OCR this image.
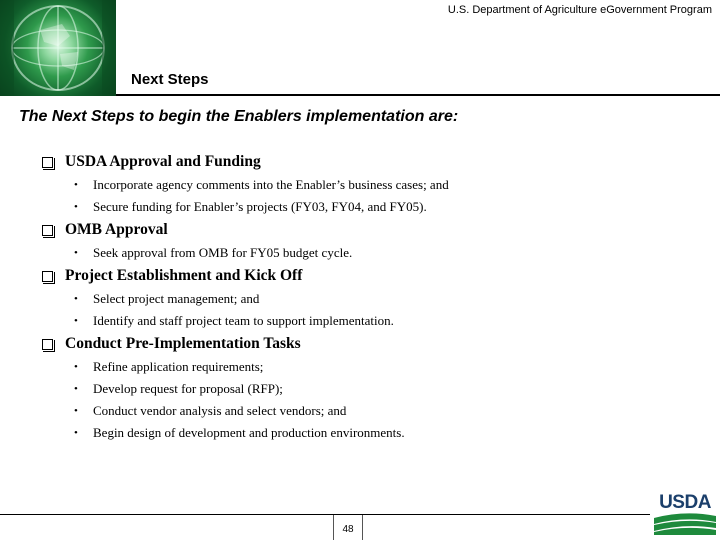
U.S. Department of Agriculture eGovernment Program
Next Steps
The Next Steps to begin the Enablers implementation are:
USDA Approval and Funding
•	Incorporate agency comments into the Enabler’s business cases; and
•	Secure funding for Enabler’s projects (FY03, FY04, and FY05).
OMB Approval
•	Seek approval from OMB for FY05 budget cycle.
Project Establishment and Kick Off
•	Select project management; and
•	Identify and staff project team to support implementation.
Conduct Pre-Implementation Tasks
•	Refine application requirements;
•	Develop request for proposal (RFP);
•	Conduct vendor analysis and select vendors; and
•	Begin design of development and production environments.
48
USDA
